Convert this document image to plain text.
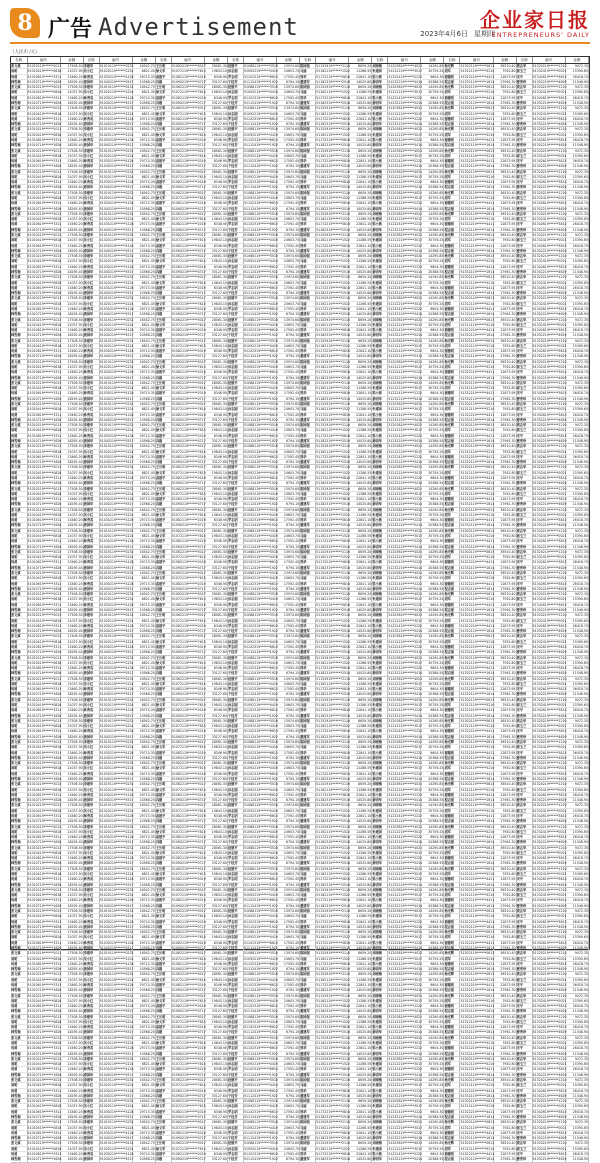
8 广告 Advertisement	企业家日报
ENTREPRENEURS' DAILY
2023年4月6日 星期四
（人民币 /元）
名称	编号	金额	名称	编号	金额	名称	编号	金额	名称	编号	金额	名称	编号	金额	名称	编号	金额	名称	编号	金额	名称	编号	金额
张文斌	51010219******2013	17508.50	李建华	51019119******0232	16542.75	王长明	51062219******5017	28061.30	赵德平	51088119******3516	13974.60	陈国强	51152919******2116	8659.20	刘晓梅	51203819******4021	14290.85	杨光辉	51302119******0613	36510.40	黄志华	51320219******1210	9472.35
周明	51010419******0818	21037.90	吴小红	51020119******2224	6821.45	徐文军	51072119******7615	19843.10	孙志刚	51092219******4419	24603.70	马丽	51162119******1522	11286.55	朱建国	51212219******3017	30759.25	胡军	51312119******5210	7952.80	郭玉兰	51332419******0021	15390.65
何勇	51010619******3311	13460.20	林秀英	51030219******4128	29715.35	高建平	51082119******2019	8346.90	罗志明	51102319******6613	17592.45	郑华	51172219******0816	22841.10	梁小燕	51222419******2222	9604.30	谢德明	51322219******4411	12873.95	宋平	51342619******3813	26418.70
韩雪梅	51010719******1626	18295.40	唐国华	51040219******5517	10568.25	冯刚	51090219******0717	33127.60	于桂芳	51112419******1922	6794.15	董建军	51182319******2518	14025.80	萧明华	51232219******5414	20388.55	程志强	51332119******1614	27961.30	曹秀珍	51352219******4629	11548.90
张文斌	51010219******2013	17508.50	李建华	51019119******0232	16542.75	王长明	51062219******5017	28061.30	赵德平	51088119******3516	13974.60	陈国强	51152919******2116	8659.20	刘晓梅	51203819******4021	14290.85	杨光辉	51302119******0613	36510.40	黄志华	51320219******1210	9472.35
周明	51010419******0818	21037.90	吴小红	51020119******2224	6821.45	徐文军	51072119******7615	19843.10	孙志刚	51092219******4419	24603.70	马丽	51162119******1522	11286.55	朱建国	51212219******3017	30759.25	胡军	51312119******5210	7952.80	郭玉兰	51332419******0021	15390.65
何勇	51010619******3311	13460.20	林秀英	51030219******4128	29715.35	高建平	51082119******2019	8346.90	罗志明	51102319******6613	17592.45	郑华	51172219******0816	22841.10	梁小燕	51222419******2222	9604.30	谢德明	51322219******4411	12873.95	宋平	51342619******3813	26418.70
韩雪梅	51010719******1626	18295.40	唐国华	51040219******5517	10568.25	冯刚	51090219******0717	33127.60	于桂芳	51112419******1922	6794.15	董建军	51182319******2518	14025.80	萧明华	51232219******5414	20388.55	程志强	51332119******1614	27961.30	曹秀珍	51352219******4629	11548.90
张文斌	51010219******2013	17508.50	李建华	51019119******0232	16542.75	王长明	51062219******5017	28061.30	赵德平	51088119******3516	13974.60	陈国强	51152919******2116	8659.20	刘晓梅	51203819******4021	14290.85	杨光辉	51302119******0613	36510.40	黄志华	51320219******1210	9472.35
周明	51010419******0818	21037.90	吴小红	51020119******2224	6821.45	徐文军	51072119******7615	19843.10	孙志刚	51092219******4419	24603.70	马丽	51162119******1522	11286.55	朱建国	51212219******3017	30759.25	胡军	51312119******5210	7952.80	郭玉兰	51332419******0021	15390.65
何勇	51010619******3311	13460.20	林秀英	51030219******4128	29715.35	高建平	51082119******2019	8346.90	罗志明	51102319******6613	17592.45	郑华	51172219******0816	22841.10	梁小燕	51222419******2222	9604.30	谢德明	51322219******4411	12873.95	宋平	51342619******3813	26418.70
韩雪梅	51010719******1626	18295.40	唐国华	51040219******5517	10568.25	冯刚	51090219******0717	33127.60	于桂芳	51112419******1922	6794.15	董建军	51182319******2518	14025.80	萧明华	51232219******5414	20388.55	程志强	51332119******1614	27961.30	曹秀珍	51352219******4629	11548.90
张文斌	51010219******2013	17508.50	李建华	51019119******0232	16542.75	王长明	51062219******5017	28061.30	赵德平	51088119******3516	13974.60	陈国强	51152919******2116	8659.20	刘晓梅	51203819******4021	14290.85	杨光辉	51302119******0613	36510.40	黄志华	51320219******1210	9472.35
周明	51010419******0818	21037.90	吴小红	51020119******2224	6821.45	徐文军	51072119******7615	19843.10	孙志刚	51092219******4419	24603.70	马丽	51162119******1522	11286.55	朱建国	51212219******3017	30759.25	胡军	51312119******5210	7952.80	郭玉兰	51332419******0021	15390.65
何勇	51010619******3311	13460.20	林秀英	51030219******4128	29715.35	高建平	51082119******2019	8346.90	罗志明	51102319******6613	17592.45	郑华	51172219******0816	22841.10	梁小燕	51222419******2222	9604.30	谢德明	51322219******4411	12873.95	宋平	51342619******3813	26418.70
韩雪梅	51010719******1626	18295.40	唐国华	51040219******5517	10568.25	冯刚	51090219******0717	33127.60	于桂芳	51112419******1922	6794.15	董建军	51182319******2518	14025.80	萧明华	51232219******5414	20388.55	程志强	51332119******1614	27961.30	曹秀珍	51352219******4629	11548.90
张文斌	51010219******2013	17508.50	李建华	51019119******0232	16542.75	王长明	51062219******5017	28061.30	赵德平	51088119******3516	13974.60	陈国强	51152919******2116	8659.20	刘晓梅	51203819******4021	14290.85	杨光辉	51302119******0613	36510.40	黄志华	51320219******1210	9472.35
周明	51010419******0818	21037.90	吴小红	51020119******2224	6821.45	徐文军	51072119******7615	19843.10	孙志刚	51092219******4419	24603.70	马丽	51162119******1522	11286.55	朱建国	51212219******3017	30759.25	胡军	51312119******5210	7952.80	郭玉兰	51332419******0021	15390.65
何勇	51010619******3311	13460.20	林秀英	51030219******4128	29715.35	高建平	51082119******2019	8346.90	罗志明	51102319******6613	17592.45	郑华	51172219******0816	22841.10	梁小燕	51222419******2222	9604.30	谢德明	51322219******4411	12873.95	宋平	51342619******3813	26418.70
韩雪梅	51010719******1626	18295.40	唐国华	51040219******5517	10568.25	冯刚	51090219******0717	33127.60	于桂芳	51112419******1922	6794.15	董建军	51182319******2518	14025.80	萧明华	51232219******5414	20388.55	程志强	51332119******1614	27961.30	曹秀珍	51352219******4629	11548.90
张文斌	51010219******2013	17508.50	李建华	51019119******0232	16542.75	王长明	51062219******5017	28061.30	赵德平	51088119******3516	13974.60	陈国强	51152919******2116	8659.20	刘晓梅	51203819******4021	14290.85	杨光辉	51302119******0613	36510.40	黄志华	51320219******1210	9472.35
周明	51010419******0818	21037.90	吴小红	51020119******2224	6821.45	徐文军	51072119******7615	19843.10	孙志刚	51092219******4419	24603.70	马丽	51162119******1522	11286.55	朱建国	51212219******3017	30759.25	胡军	51312119******5210	7952.80	郭玉兰	51332419******0021	15390.65
何勇	51010619******3311	13460.20	林秀英	51030219******4128	29715.35	高建平	51082119******2019	8346.90	罗志明	51102319******6613	17592.45	郑华	51172219******0816	22841.10	梁小燕	51222419******2222	9604.30	谢德明	51322219******4411	12873.95	宋平	51342619******3813	26418.70
韩雪梅	51010719******1626	18295.40	唐国华	51040219******5517	10568.25	冯刚	51090219******0717	33127.60	于桂芳	51112419******1922	6794.15	董建军	51182319******2518	14025.80	萧明华	51232219******5414	20388.55	程志强	51332119******1614	27961.30	曹秀珍	51352219******4629	11548.90
张文斌	51010219******2013	17508.50	李建华	51019119******0232	16542.75	王长明	51062219******5017	28061.30	赵德平	51088119******3516	13974.60	陈国强	51152919******2116	8659.20	刘晓梅	51203819******4021	14290.85	杨光辉	51302119******0613	36510.40	黄志华	51320219******1210	9472.35
周明	51010419******0818	21037.90	吴小红	51020119******2224	6821.45	徐文军	51072119******7615	19843.10	孙志刚	51092219******4419	24603.70	马丽	51162119******1522	11286.55	朱建国	51212219******3017	30759.25	胡军	51312119******5210	7952.80	郭玉兰	51332419******0021	15390.65
何勇	51010619******3311	13460.20	林秀英	51030219******4128	29715.35	高建平	51082119******2019	8346.90	罗志明	51102319******6613	17592.45	郑华	51172219******0816	22841.10	梁小燕	51222419******2222	9604.30	谢德明	51322219******4411	12873.95	宋平	51342619******3813	26418.70
韩雪梅	51010719******1626	18295.40	唐国华	51040219******5517	10568.25	冯刚	51090219******0717	33127.60	于桂芳	51112419******1922	6794.15	董建军	51182319******2518	14025.80	萧明华	51232219******5414	20388.55	程志强	51332119******1614	27961.30	曹秀珍	51352219******4629	11548.90
张文斌	51010219******2013	17508.50	李建华	51019119******0232	16542.75	王长明	51062219******5017	28061.30	赵德平	51088119******3516	13974.60	陈国强	51152919******2116	8659.20	刘晓梅	51203819******4021	14290.85	杨光辉	51302119******0613	36510.40	黄志华	51320219******1210	9472.35
周明	51010419******0818	21037.90	吴小红	51020119******2224	6821.45	徐文军	51072119******7615	19843.10	孙志刚	51092219******4419	24603.70	马丽	51162119******1522	11286.55	朱建国	51212219******3017	30759.25	胡军	51312119******5210	7952.80	郭玉兰	51332419******0021	15390.65
何勇	51010619******3311	13460.20	林秀英	51030219******4128	29715.35	高建平	51082119******2019	8346.90	罗志明	51102319******6613	17592.45	郑华	51172219******0816	22841.10	梁小燕	51222419******2222	9604.30	谢德明	51322219******4411	12873.95	宋平	51342619******3813	26418.70
韩雪梅	51010719******1626	18295.40	唐国华	51040219******5517	10568.25	冯刚	51090219******0717	33127.60	于桂芳	51112419******1922	6794.15	董建军	51182319******2518	14025.80	萧明华	51232219******5414	20388.55	程志强	51332119******1614	27961.30	曹秀珍	51352219******4629	11548.90
张文斌	51010219******2013	17508.50	李建华	51019119******0232	16542.75	王长明	51062219******5017	28061.30	赵德平	51088119******3516	13974.60	陈国强	51152919******2116	8659.20	刘晓梅	51203819******4021	14290.85	杨光辉	51302119******0613	36510.40	黄志华	51320219******1210	9472.35
周明	51010419******0818	21037.90	吴小红	51020119******2224	6821.45	徐文军	51072119******7615	19843.10	孙志刚	51092219******4419	24603.70	马丽	51162119******1522	11286.55	朱建国	51212219******3017	30759.25	胡军	51312119******5210	7952.80	郭玉兰	51332419******0021	15390.65
何勇	51010619******3311	13460.20	林秀英	51030219******4128	29715.35	高建平	51082119******2019	8346.90	罗志明	51102319******6613	17592.45	郑华	51172219******0816	22841.10	梁小燕	51222419******2222	9604.30	谢德明	51322219******4411	12873.95	宋平	51342619******3813	26418.70
韩雪梅	51010719******1626	18295.40	唐国华	51040219******5517	10568.25	冯刚	51090219******0717	33127.60	于桂芳	51112419******1922	6794.15	董建军	51182319******2518	14025.80	萧明华	51232219******5414	20388.55	程志强	51332119******1614	27961.30	曹秀珍	51352219******4629	11548.90
张文斌	51010219******2013	17508.50	李建华	51019119******0232	16542.75	王长明	51062219******5017	28061.30	赵德平	51088119******3516	13974.60	陈国强	51152919******2116	8659.20	刘晓梅	51203819******4021	14290.85	杨光辉	51302119******0613	36510.40	黄志华	51320219******1210	9472.35
周明	51010419******0818	21037.90	吴小红	51020119******2224	6821.45	徐文军	51072119******7615	19843.10	孙志刚	51092219******4419	24603.70	马丽	51162119******1522	11286.55	朱建国	51212219******3017	30759.25	胡军	51312119******5210	7952.80	郭玉兰	51332419******0021	15390.65
何勇	51010619******3311	13460.20	林秀英	51030219******4128	29715.35	高建平	51082119******2019	8346.90	罗志明	51102319******6613	17592.45	郑华	51172219******0816	22841.10	梁小燕	51222419******2222	9604.30	谢德明	51322219******4411	12873.95	宋平	51342619******3813	26418.70
韩雪梅	51010719******1626	18295.40	唐国华	51040219******5517	10568.25	冯刚	51090219******0717	33127.60	于桂芳	51112419******1922	6794.15	董建军	51182319******2518	14025.80	萧明华	51232219******5414	20388.55	程志强	51332119******1614	27961.30	曹秀珍	51352219******4629	11548.90
张文斌	51010219******2013	17508.50	李建华	51019119******0232	16542.75	王长明	51062219******5017	28061.30	赵德平	51088119******3516	13974.60	陈国强	51152919******2116	8659.20	刘晓梅	51203819******4021	14290.85	杨光辉	51302119******0613	36510.40	黄志华	51320219******1210	9472.35
周明	51010419******0818	21037.90	吴小红	51020119******2224	6821.45	徐文军	51072119******7615	19843.10	孙志刚	51092219******4419	24603.70	马丽	51162119******1522	11286.55	朱建国	51212219******3017	30759.25	胡军	51312119******5210	7952.80	郭玉兰	51332419******0021	15390.65
何勇	51010619******3311	13460.20	林秀英	51030219******4128	29715.35	高建平	51082119******2019	8346.90	罗志明	51102319******6613	17592.45	郑华	51172219******0816	22841.10	梁小燕	51222419******2222	9604.30	谢德明	51322219******4411	12873.95	宋平	51342619******3813	26418.70
韩雪梅	51010719******1626	18295.40	唐国华	51040219******5517	10568.25	冯刚	51090219******0717	33127.60	于桂芳	51112419******1922	6794.15	董建军	51182319******2518	14025.80	萧明华	51232219******5414	20388.55	程志强	51332119******1614	27961.30	曹秀珍	51352219******4629	11548.90
张文斌	51010219******2013	17508.50	李建华	51019119******0232	16542.75	王长明	51062219******5017	28061.30	赵德平	51088119******3516	13974.60	陈国强	51152919******2116	8659.20	刘晓梅	51203819******4021	14290.85	杨光辉	51302119******0613	36510.40	黄志华	51320219******1210	9472.35
周明	51010419******0818	21037.90	吴小红	51020119******2224	6821.45	徐文军	51072119******7615	19843.10	孙志刚	51092219******4419	24603.70	马丽	51162119******1522	11286.55	朱建国	51212219******3017	30759.25	胡军	51312119******5210	7952.80	郭玉兰	51332419******0021	15390.65
何勇	51010619******3311	13460.20	林秀英	51030219******4128	29715.35	高建平	51082119******2019	8346.90	罗志明	51102319******6613	17592.45	郑华	51172219******0816	22841.10	梁小燕	51222419******2222	9604.30	谢德明	51322219******4411	12873.95	宋平	51342619******3813	26418.70
韩雪梅	51010719******1626	18295.40	唐国华	51040219******5517	10568.25	冯刚	51090219******0717	33127.60	于桂芳	51112419******1922	6794.15	董建军	51182319******2518	14025.80	萧明华	51232219******5414	20388.55	程志强	51332119******1614	27961.30	曹秀珍	51352219******4629	11548.90
张文斌	51010219******2013	17508.50	李建华	51019119******0232	16542.75	王长明	51062219******5017	28061.30	赵德平	51088119******3516	13974.60	陈国强	51152919******2116	8659.20	刘晓梅	51203819******4021	14290.85	杨光辉	51302119******0613	36510.40	黄志华	51320219******1210	9472.35
周明	51010419******0818	21037.90	吴小红	51020119******2224	6821.45	徐文军	51072119******7615	19843.10	孙志刚	51092219******4419	24603.70	马丽	51162119******1522	11286.55	朱建国	51212219******3017	30759.25	胡军	51312119******5210	7952.80	郭玉兰	51332419******0021	15390.65
何勇	51010619******3311	13460.20	林秀英	51030219******4128	29715.35	高建平	51082119******2019	8346.90	罗志明	51102319******6613	17592.45	郑华	51172219******0816	22841.10	梁小燕	51222419******2222	9604.30	谢德明	51322219******4411	12873.95	宋平	51342619******3813	26418.70
韩雪梅	51010719******1626	18295.40	唐国华	51040219******5517	10568.25	冯刚	51090219******0717	33127.60	于桂芳	51112419******1922	6794.15	董建军	51182319******2518	14025.80	萧明华	51232219******5414	20388.55	程志强	51332119******1614	27961.30	曹秀珍	51352219******4629	11548.90
张文斌	51010219******2013	17508.50	李建华	51019119******0232	16542.75	王长明	51062219******5017	28061.30	赵德平	51088119******3516	13974.60	陈国强	51152919******2116	8659.20	刘晓梅	51203819******4021	14290.85	杨光辉	51302119******0613	36510.40	黄志华	51320219******1210	9472.35
周明	51010419******0818	21037.90	吴小红	51020119******2224	6821.45	徐文军	51072119******7615	19843.10	孙志刚	51092219******4419	24603.70	马丽	51162119******1522	11286.55	朱建国	51212219******3017	30759.25	胡军	51312119******5210	7952.80	郭玉兰	51332419******0021	15390.65
何勇	51010619******3311	13460.20	林秀英	51030219******4128	29715.35	高建平	51082119******2019	8346.90	罗志明	51102319******6613	17592.45	郑华	51172219******0816	22841.10	梁小燕	51222419******2222	9604.30	谢德明	51322219******4411	12873.95	宋平	51342619******3813	26418.70
韩雪梅	51010719******1626	18295.40	唐国华	51040219******5517	10568.25	冯刚	51090219******0717	33127.60	于桂芳	51112419******1922	6794.15	董建军	51182319******2518	14025.80	萧明华	51232219******5414	20388.55	程志强	51332119******1614	27961.30	曹秀珍	51352219******4629	11548.90
张文斌	51010219******2013	17508.50	李建华	51019119******0232	16542.75	王长明	51062219******5017	28061.30	赵德平	51088119******3516	13974.60	陈国强	51152919******2116	8659.20	刘晓梅	51203819******4021	14290.85	杨光辉	51302119******0613	36510.40	黄志华	51320219******1210	9472.35
周明	51010419******0818	21037.90	吴小红	51020119******2224	6821.45	徐文军	51072119******7615	19843.10	孙志刚	51092219******4419	24603.70	马丽	51162119******1522	11286.55	朱建国	51212219******3017	30759.25	胡军	51312119******5210	7952.80	郭玉兰	51332419******0021	15390.65
何勇	51010619******3311	13460.20	林秀英	51030219******4128	29715.35	高建平	51082119******2019	8346.90	罗志明	51102319******6613	17592.45	郑华	51172219******0816	22841.10	梁小燕	51222419******2222	9604.30	谢德明	51322219******4411	12873.95	宋平	51342619******3813	26418.70
韩雪梅	51010719******1626	18295.40	唐国华	51040219******5517	10568.25	冯刚	51090219******0717	33127.60	于桂芳	51112419******1922	6794.15	董建军	51182319******2518	14025.80	萧明华	51232219******5414	20388.55	程志强	51332119******1614	27961.30	曹秀珍	51352219******4629	11548.90
张文斌	51010219******2013	17508.50	李建华	51019119******0232	16542.75	王长明	51062219******5017	28061.30	赵德平	51088119******3516	13974.60	陈国强	51152919******2116	8659.20	刘晓梅	51203819******4021	14290.85	杨光辉	51302119******0613	36510.40	黄志华	51320219******1210	9472.35
周明	51010419******0818	21037.90	吴小红	51020119******2224	6821.45	徐文军	51072119******7615	19843.10	孙志刚	51092219******4419	24603.70	马丽	51162119******1522	11286.55	朱建国	51212219******3017	30759.25	胡军	51312119******5210	7952.80	郭玉兰	51332419******0021	15390.65
何勇	51010619******3311	13460.20	林秀英	51030219******4128	29715.35	高建平	51082119******2019	8346.90	罗志明	51102319******6613	17592.45	郑华	51172219******0816	22841.10	梁小燕	51222419******2222	9604.30	谢德明	51322219******4411	12873.95	宋平	51342619******3813	26418.70
韩雪梅	51010719******1626	18295.40	唐国华	51040219******5517	10568.25	冯刚	51090219******0717	33127.60	于桂芳	51112419******1922	6794.15	董建军	51182319******2518	14025.80	萧明华	51232219******5414	20388.55	程志强	51332119******1614	27961.30	曹秀珍	51352219******4629	11548.90
张文斌	51010219******2013	17508.50	李建华	51019119******0232	16542.75	王长明	51062219******5017	28061.30	赵德平	51088119******3516	13974.60	陈国强	51152919******2116	8659.20	刘晓梅	51203819******4021	14290.85	杨光辉	51302119******0613	36510.40	黄志华	51320219******1210	9472.35
周明	51010419******0818	21037.90	吴小红	51020119******2224	6821.45	徐文军	51072119******7615	19843.10	孙志刚	51092219******4419	24603.70	马丽	51162119******1522	11286.55	朱建国	51212219******3017	30759.25	胡军	51312119******5210	7952.80	郭玉兰	51332419******0021	15390.65
何勇	51010619******3311	13460.20	林秀英	51030219******4128	29715.35	高建平	51082119******2019	8346.90	罗志明	51102319******6613	17592.45	郑华	51172219******0816	22841.10	梁小燕	51222419******2222	9604.30	谢德明	51322219******4411	12873.95	宋平	51342619******3813	26418.70
韩雪梅	51010719******1626	18295.40	唐国华	51040219******5517	10568.25	冯刚	51090219******0717	33127.60	于桂芳	51112419******1922	6794.15	董建军	51182319******2518	14025.80	萧明华	51232219******5414	20388.55	程志强	51332119******1614	27961.30	曹秀珍	51352219******4629	11548.90
张文斌	51010219******2013	17508.50	李建华	51019119******0232	16542.75	王长明	51062219******5017	28061.30	赵德平	51088119******3516	13974.60	陈国强	51152919******2116	8659.20	刘晓梅	51203819******4021	14290.85	杨光辉	51302119******0613	36510.40	黄志华	51320219******1210	9472.35
周明	51010419******0818	21037.90	吴小红	51020119******2224	6821.45	徐文军	51072119******7615	19843.10	孙志刚	51092219******4419	24603.70	马丽	51162119******1522	11286.55	朱建国	51212219******3017	30759.25	胡军	51312119******5210	7952.80	郭玉兰	51332419******0021	15390.65
何勇	51010619******3311	13460.20	林秀英	51030219******4128	29715.35	高建平	51082119******2019	8346.90	罗志明	51102319******6613	17592.45	郑华	51172219******0816	22841.10	梁小燕	51222419******2222	9604.30	谢德明	51322219******4411	12873.95	宋平	51342619******3813	26418.70
韩雪梅	51010719******1626	18295.40	唐国华	51040219******5517	10568.25	冯刚	51090219******0717	33127.60	于桂芳	51112419******1922	6794.15	董建军	51182319******2518	14025.80	萧明华	51232219******5414	20388.55	程志强	51332119******1614	27961.30	曹秀珍	51352219******4629	11548.90
张文斌	51010219******2013	17508.50	李建华	51019119******0232	16542.75	王长明	51062219******5017	28061.30	赵德平	51088119******3516	13974.60	陈国强	51152919******2116	8659.20	刘晓梅	51203819******4021	14290.85	杨光辉	51302119******0613	36510.40	黄志华	51320219******1210	9472.35
周明	51010419******0818	21037.90	吴小红	51020119******2224	6821.45	徐文军	51072119******7615	19843.10	孙志刚	51092219******4419	24603.70	马丽	51162119******1522	11286.55	朱建国	51212219******3017	30759.25	胡军	51312119******5210	7952.80	郭玉兰	51332419******0021	15390.65
何勇	51010619******3311	13460.20	林秀英	51030219******4128	29715.35	高建平	51082119******2019	8346.90	罗志明	51102319******6613	17592.45	郑华	51172219******0816	22841.10	梁小燕	51222419******2222	9604.30	谢德明	51322219******4411	12873.95	宋平	51342619******3813	26418.70
韩雪梅	51010719******1626	18295.40	唐国华	51040219******5517	10568.25	冯刚	51090219******0717	33127.60	于桂芳	51112419******1922	6794.15	董建军	51182319******2518	14025.80	萧明华	51232219******5414	20388.55	程志强	51332119******1614	27961.30	曹秀珍	51352219******4629	11548.90
张文斌	51010219******2013	17508.50	李建华	51019119******0232	16542.75	王长明	51062219******5017	28061.30	赵德平	51088119******3516	13974.60	陈国强	51152919******2116	8659.20	刘晓梅	51203819******4021	14290.85	杨光辉	51302119******0613	36510.40	黄志华	51320219******1210	9472.35
周明	51010419******0818	21037.90	吴小红	51020119******2224	6821.45	徐文军	51072119******7615	19843.10	孙志刚	51092219******4419	24603.70	马丽	51162119******1522	11286.55	朱建国	51212219******3017	30759.25	胡军	51312119******5210	7952.80	郭玉兰	51332419******0021	15390.65
何勇	51010619******3311	13460.20	林秀英	51030219******4128	29715.35	高建平	51082119******2019	8346.90	罗志明	51102319******6613	17592.45	郑华	51172219******0816	22841.10	梁小燕	51222419******2222	9604.30	谢德明	51322219******4411	12873.95	宋平	51342619******3813	26418.70
韩雪梅	51010719******1626	18295.40	唐国华	51040219******5517	10568.25	冯刚	51090219******0717	33127.60	于桂芳	51112419******1922	6794.15	董建军	51182319******2518	14025.80	萧明华	51232219******5414	20388.55	程志强	51332119******1614	27961.30	曹秀珍	51352219******4629	11548.90
张文斌	51010219******2013	17508.50	李建华	51019119******0232	16542.75	王长明	51062219******5017	28061.30	赵德平	51088119******3516	13974.60	陈国强	51152919******2116	8659.20	刘晓梅	51203819******4021	14290.85	杨光辉	51302119******0613	36510.40	黄志华	51320219******1210	9472.35
周明	51010419******0818	21037.90	吴小红	51020119******2224	6821.45	徐文军	51072119******7615	19843.10	孙志刚	51092219******4419	24603.70	马丽	51162119******1522	11286.55	朱建国	51212219******3017	30759.25	胡军	51312119******5210	7952.80	郭玉兰	51332419******0021	15390.65
何勇	51010619******3311	13460.20	林秀英	51030219******4128	29715.35	高建平	51082119******2019	8346.90	罗志明	51102319******6613	17592.45	郑华	51172219******0816	22841.10	梁小燕	51222419******2222	9604.30	谢德明	51322219******4411	12873.95	宋平	51342619******3813	26418.70
韩雪梅	51010719******1626	18295.40	唐国华	51040219******5517	10568.25	冯刚	51090219******0717	33127.60	于桂芳	51112419******1922	6794.15	董建军	51182319******2518	14025.80	萧明华	51232219******5414	20388.55	程志强	51332119******1614	27961.30	曹秀珍	51352219******4629	11548.90
张文斌	51010219******2013	17508.50	李建华	51019119******0232	16542.75	王长明	51062219******5017	28061.30	赵德平	51088119******3516	13974.60	陈国强	51152919******2116	8659.20	刘晓梅	51203819******4021	14290.85	杨光辉	51302119******0613	36510.40	黄志华	51320219******1210	9472.35
周明	51010419******0818	21037.90	吴小红	51020119******2224	6821.45	徐文军	51072119******7615	19843.10	孙志刚	51092219******4419	24603.70	马丽	51162119******1522	11286.55	朱建国	51212219******3017	30759.25	胡军	51312119******5210	7952.80	郭玉兰	51332419******0021	15390.65
何勇	51010619******3311	13460.20	林秀英	51030219******4128	29715.35	高建平	51082119******2019	8346.90	罗志明	51102319******6613	17592.45	郑华	51172219******0816	22841.10	梁小燕	51222419******2222	9604.30	谢德明	51322219******4411	12873.95	宋平	51342619******3813	26418.70
韩雪梅	51010719******1626	18295.40	唐国华	51040219******5517	10568.25	冯刚	51090219******0717	33127.60	于桂芳	51112419******1922	6794.15	董建军	51182319******2518	14025.80	萧明华	51232219******5414	20388.55	程志强	51332119******1614	27961.30	曹秀珍	51352219******4629	11548.90
张文斌	51010219******2013	17508.50	李建华	51019119******0232	16542.75	王长明	51062219******5017	28061.30	赵德平	51088119******3516	13974.60	陈国强	51152919******2116	8659.20	刘晓梅	51203819******4021	14290.85	杨光辉	51302119******0613	36510.40	黄志华	51320219******1210	9472.35
周明	51010419******0818	21037.90	吴小红	51020119******2224	6821.45	徐文军	51072119******7615	19843.10	孙志刚	51092219******4419	24603.70	马丽	51162119******1522	11286.55	朱建国	51212219******3017	30759.25	胡军	51312119******5210	7952.80	郭玉兰	51332419******0021	15390.65
何勇	51010619******3311	13460.20	林秀英	51030219******4128	29715.35	高建平	51082119******2019	8346.90	罗志明	51102319******6613	17592.45	郑华	51172219******0816	22841.10	梁小燕	51222419******2222	9604.30	谢德明	51322219******4411	12873.95	宋平	51342619******3813	26418.70
韩雪梅	51010719******1626	18295.40	唐国华	51040219******5517	10568.25	冯刚	51090219******0717	33127.60	于桂芳	51112419******1922	6794.15	董建军	51182319******2518	14025.80	萧明华	51232219******5414	20388.55	程志强	51332119******1614	27961.30	曹秀珍	51352219******4629	11548.90
张文斌	51010219******2013	17508.50	李建华	51019119******0232	16542.75	王长明	51062219******5017	28061.30	赵德平	51088119******3516	13974.60	陈国强	51152919******2116	8659.20	刘晓梅	51203819******4021	14290.85	杨光辉	51302119******0613	36510.40	黄志华	51320219******1210	9472.35
周明	51010419******0818	21037.90	吴小红	51020119******2224	6821.45	徐文军	51072119******7615	19843.10	孙志刚	51092219******4419	24603.70	马丽	51162119******1522	11286.55	朱建国	51212219******3017	30759.25	胡军	51312119******5210	7952.80	郭玉兰	51332419******0021	15390.65
何勇	51010619******3311	13460.20	林秀英	51030219******4128	29715.35	高建平	51082119******2019	8346.90	罗志明	51102319******6613	17592.45	郑华	51172219******0816	22841.10	梁小燕	51222419******2222	9604.30	谢德明	51322219******4411	12873.95	宋平	51342619******3813	26418.70
韩雪梅	51010719******1626	18295.40	唐国华	51040219******5517	10568.25	冯刚	51090219******0717	33127.60	于桂芳	51112419******1922	6794.15	董建军	51182319******2518	14025.80	萧明华	51232219******5414	20388.55	程志强	51332119******1614	27961.30	曹秀珍	51352219******4629	11548.90
张文斌	51010219******2013	17508.50	李建华	51019119******0232	16542.75	王长明	51062219******5017	28061.30	赵德平	51088119******3516	13974.60	陈国强	51152919******2116	8659.20	刘晓梅	51203819******4021	14290.85	杨光辉	51302119******0613	36510.40	黄志华	51320219******1210	9472.35
周明	51010419******0818	21037.90	吴小红	51020119******2224	6821.45	徐文军	51072119******7615	19843.10	孙志刚	51092219******4419	24603.70	马丽	51162119******1522	11286.55	朱建国	51212219******3017	30759.25	胡军	51312119******5210	7952.80	郭玉兰	51332419******0021	15390.65
何勇	51010619******3311	13460.20	林秀英	51030219******4128	29715.35	高建平	51082119******2019	8346.90	罗志明	51102319******6613	17592.45	郑华	51172219******0816	22841.10	梁小燕	51222419******2222	9604.30	谢德明	51322219******4411	12873.95	宋平	51342619******3813	26418.70
韩雪梅	51010719******1626	18295.40	唐国华	51040219******5517	10568.25	冯刚	51090219******0717	33127.60	于桂芳	51112419******1922	6794.15	董建军	51182319******2518	14025.80	萧明华	51232219******5414	20388.55	程志强	51332119******1614	27961.30	曹秀珍	51352219******4629	11548.90
张文斌	51010219******2013	17508.50	李建华	51019119******0232	16542.75	王长明	51062219******5017	28061.30	赵德平	51088119******3516	13974.60	陈国强	51152919******2116	8659.20	刘晓梅	51203819******4021	14290.85	杨光辉	51302119******0613	36510.40	黄志华	51320219******1210	9472.35
周明	51010419******0818	21037.90	吴小红	51020119******2224	6821.45	徐文军	51072119******7615	19843.10	孙志刚	51092219******4419	24603.70	马丽	51162119******1522	11286.55	朱建国	51212219******3017	30759.25	胡军	51312119******5210	7952.80	郭玉兰	51332419******0021	15390.65
何勇	51010619******3311	13460.20	林秀英	51030219******4128	29715.35	高建平	51082119******2019	8346.90	罗志明	51102319******6613	17592.45	郑华	51172219******0816	22841.10	梁小燕	51222419******2222	9604.30	谢德明	51322219******4411	12873.95	宋平	51342619******3813	26418.70
韩雪梅	51010719******1626	18295.40	唐国华	51040219******5517	10568.25	冯刚	51090219******0717	33127.60	于桂芳	51112419******1922	6794.15	董建军	51182319******2518	14025.80	萧明华	51232219******5414	20388.55	程志强	51332119******1614	27961.30	曹秀珍	51352219******4629	11548.90
张文斌	51010219******2013	17508.50	李建华	51019119******0232	16542.75	王长明	51062219******5017	28061.30	赵德平	51088119******3516	13974.60	陈国强	51152919******2116	8659.20	刘晓梅	51203819******4021	14290.85	杨光辉	51302119******0613	36510.40	黄志华	51320219******1210	9472.35
周明	51010419******0818	21037.90	吴小红	51020119******2224	6821.45	徐文军	51072119******7615	19843.10	孙志刚	51092219******4419	24603.70	马丽	51162119******1522	11286.55	朱建国	51212219******3017	30759.25	胡军	51312119******5210	7952.80	郭玉兰	51332419******0021	15390.65
何勇	51010619******3311	13460.20	林秀英	51030219******4128	29715.35	高建平	51082119******2019	8346.90	罗志明	51102319******6613	17592.45	郑华	51172219******0816	22841.10	梁小燕	51222419******2222	9604.30	谢德明	51322219******4411	12873.95	宋平	51342619******3813	26418.70
韩雪梅	51010719******1626	18295.40	唐国华	51040219******5517	10568.25	冯刚	51090219******0717	33127.60	于桂芳	51112419******1922	6794.15	董建军	51182319******2518	14025.80	萧明华	51232219******5414	20388.55	程志强	51332119******1614	27961.30	曹秀珍	51352219******4629	11548.90
张文斌	51010219******2013	17508.50	李建华	51019119******0232	16542.75	王长明	51062219******5017	28061.30	赵德平	51088119******3516	13974.60	陈国强	51152919******2116	8659.20	刘晓梅	51203819******4021	14290.85	杨光辉	51302119******0613	36510.40	黄志华	51320219******1210	9472.35
周明	51010419******0818	21037.90	吴小红	51020119******2224	6821.45	徐文军	51072119******7615	19843.10	孙志刚	51092219******4419	24603.70	马丽	51162119******1522	11286.55	朱建国	51212219******3017	30759.25	胡军	51312119******5210	7952.80	郭玉兰	51332419******0021	15390.65
何勇	51010619******3311	13460.20	林秀英	51030219******4128	29715.35	高建平	51082119******2019	8346.90	罗志明	51102319******6613	17592.45	郑华	51172219******0816	22841.10	梁小燕	51222419******2222	9604.30	谢德明	51322219******4411	12873.95	宋平	51342619******3813	26418.70
韩雪梅	51010719******1626	18295.40	唐国华	51040219******5517	10568.25	冯刚	51090219******0717	33127.60	于桂芳	51112419******1922	6794.15	董建军	51182319******2518	14025.80	萧明华	51232219******5414	20388.55	程志强	51332119******1614	27961.30	曹秀珍	51352219******4629	11548.90
张文斌	51010219******2013	17508.50	李建华	51019119******0232	16542.75	王长明	51062219******5017	28061.30	赵德平	51088119******3516	13974.60	陈国强	51152919******2116	8659.20	刘晓梅	51203819******4021	14290.85	杨光辉	51302119******0613	36510.40	黄志华	51320219******1210	9472.35
周明	51010419******0818	21037.90	吴小红	51020119******2224	6821.45	徐文军	51072119******7615	19843.10	孙志刚	51092219******4419	24603.70	马丽	51162119******1522	11286.55	朱建国	51212219******3017	30759.25	胡军	51312119******5210	7952.80	郭玉兰	51332419******0021	15390.65
何勇	51010619******3311	13460.20	林秀英	51030219******4128	29715.35	高建平	51082119******2019	8346.90	罗志明	51102319******6613	17592.45	郑华	51172219******0816	22841.10	梁小燕	51222419******2222	9604.30	谢德明	51322219******4411	12873.95	宋平	51342619******3813	26418.70
韩雪梅	51010719******1626	18295.40	唐国华	51040219******5517	10568.25	冯刚	51090219******0717	33127.60	于桂芳	51112419******1922	6794.15	董建军	51182319******2518	14025.80	萧明华	51232219******5414	20388.55	程志强	51332119******1614	27961.30	曹秀珍	51352219******4629	11548.90
张文斌	51010219******2013	17508.50	李建华	51019119******0232	16542.75	王长明	51062219******5017	28061.30	赵德平	51088119******3516	13974.60	陈国强	51152919******2116	8659.20	刘晓梅	51203819******4021	14290.85	杨光辉	51302119******0613	36510.40	黄志华	51320219******1210	9472.35
周明	51010419******0818	21037.90	吴小红	51020119******2224	6821.45	徐文军	51072119******7615	19843.10	孙志刚	51092219******4419	24603.70	马丽	51162119******1522	11286.55	朱建国	51212219******3017	30759.25	胡军	51312119******5210	7952.80	郭玉兰	51332419******0021	15390.65
何勇	51010619******3311	13460.20	林秀英	51030219******4128	29715.35	高建平	51082119******2019	8346.90	罗志明	51102319******6613	17592.45	郑华	51172219******0816	22841.10	梁小燕	51222419******2222	9604.30	谢德明	51322219******4411	12873.95	宋平	51342619******3813	26418.70
韩雪梅	51010719******1626	18295.40	唐国华	51040219******5517	10568.25	冯刚	51090219******0717	33127.60	于桂芳	51112419******1922	6794.15	董建军	51182319******2518	14025.80	萧明华	51232219******5414	20388.55	程志强	51332119******1614	27961.30	曹秀珍	51352219******4629	11548.90
张文斌	51010219******2013	17508.50	李建华	51019119******0232	16542.75	王长明	51062219******5017	28061.30	赵德平	51088119******3516	13974.60	陈国强	51152919******2116	8659.20	刘晓梅	51203819******4021	14290.85	杨光辉	51302119******0613	36510.40	黄志华	51320219******1210	9472.35
周明	51010419******0818	21037.90	吴小红	51020119******2224	6821.45	徐文军	51072119******7615	19843.10	孙志刚	51092219******4419	24603.70	马丽	51162119******1522	11286.55	朱建国	51212219******3017	30759.25	胡军	51312119******5210	7952.80	郭玉兰	51332419******0021	15390.65
何勇	51010619******3311	13460.20	林秀英	51030219******4128	29715.35	高建平	51082119******2019	8346.90	罗志明	51102319******6613	17592.45	郑华	51172219******0816	22841.10	梁小燕	51222419******2222	9604.30	谢德明	51322219******4411	12873.95	宋平	51342619******3813	26418.70
韩雪梅	51010719******1626	18295.40	唐国华	51040219******5517	10568.25	冯刚	51090219******0717	33127.60	于桂芳	51112419******1922	6794.15	董建军	51182319******2518	14025.80	萧明华	51232219******5414	20388.55	程志强	51332119******1614	27961.30	曹秀珍	51352219******4629	11548.90
张文斌	51010219******2013	17508.50	李建华	51019119******0232	16542.75	王长明	51062219******5017	28061.30	赵德平	51088119******3516	13974.60	陈国强	51152919******2116	8659.20	刘晓梅	51203819******4021	14290.85	杨光辉	51302119******0613	36510.40	黄志华	51320219******1210	9472.35
周明	51010419******0818	21037.90	吴小红	51020119******2224	6821.45	徐文军	51072119******7615	19843.10	孙志刚	51092219******4419	24603.70	马丽	51162119******1522	11286.55	朱建国	51212219******3017	30759.25	胡军	51312119******5210	7952.80	郭玉兰	51332419******0021	15390.65
何勇	51010619******3311	13460.20	林秀英	51030219******4128	29715.35	高建平	51082119******2019	8346.90	罗志明	51102319******6613	17592.45	郑华	51172219******0816	22841.10	梁小燕	51222419******2222	9604.30	谢德明	51322219******4411	12873.95	宋平	51342619******3813	26418.70
韩雪梅	51010719******1626	18295.40	唐国华	51040219******5517	10568.25	冯刚	51090219******0717	33127.60	于桂芳	51112419******1922	6794.15	董建军	51182319******2518	14025.80	萧明华	51232219******5414	20388.55	程志强	51332119******1614	27961.30	曹秀珍	51352219******4629	11548.90
张文斌	51010219******2013	17508.50	李建华	51019119******0232	16542.75	王长明	51062219******5017	28061.30	赵德平	51088119******3516	13974.60	陈国强	51152919******2116	8659.20	刘晓梅	51203819******4021	14290.85	杨光辉	51302119******0613	36510.40	黄志华	51320219******1210	9472.35
周明	51010419******0818	21037.90	吴小红	51020119******2224	6821.45	徐文军	51072119******7615	19843.10	孙志刚	51092219******4419	24603.70	马丽	51162119******1522	11286.55	朱建国	51212219******3017	30759.25	胡军	51312119******5210	7952.80	郭玉兰	51332419******0021	15390.65
何勇	51010619******3311	13460.20	林秀英	51030219******4128	29715.35	高建平	51082119******2019	8346.90	罗志明	51102319******6613	17592.45	郑华	51172219******0816	22841.10	梁小燕	51222419******2222	9604.30	谢德明	51322219******4411	12873.95	宋平	51342619******3813	26418.70
韩雪梅	51010719******1626	18295.40	唐国华	51040219******5517	10568.25	冯刚	51090219******0717	33127.60	于桂芳	51112419******1922	6794.15	董建军	51182319******2518	14025.80	萧明华	51232219******5414	20388.55	程志强	51332119******1614	27961.30	曹秀珍	51352219******4629	11548.90
张文斌	51010219******2013	17508.50	李建华	51019119******0232	16542.75	王长明	51062219******5017	28061.30	赵德平	51088119******3516	13974.60	陈国强	51152919******2116	8659.20	刘晓梅	51203819******4021	14290.85	杨光辉	51302119******0613	36510.40	黄志华	51320219******1210	9472.35
周明	51010419******0818	21037.90	吴小红	51020119******2224	6821.45	徐文军	51072119******7615	19843.10	孙志刚	51092219******4419	24603.70	马丽	51162119******1522	11286.55	朱建国	51212219******3017	30759.25	胡军	51312119******5210	7952.80	郭玉兰	51332419******0021	15390.65
何勇	51010619******3311	13460.20	林秀英	51030219******4128	29715.35	高建平	51082119******2019	8346.90	罗志明	51102319******6613	17592.45	郑华	51172219******0816	22841.10	梁小燕	51222419******2222	9604.30	谢德明	51322219******4411	12873.95	宋平	51342619******3813	26418.70
韩雪梅	51010719******1626	18295.40	唐国华	51040219******5517	10568.25	冯刚	51090219******0717	33127.60	于桂芳	51112419******1922	6794.15	董建军	51182319******2518	14025.80	萧明华	51232219******5414	20388.55	程志强	51332119******1614	27961.30	曹秀珍	51352219******4629	11548.90
张文斌	51010219******2013	17508.50	李建华	51019119******0232	16542.75	王长明	51062219******5017	28061.30	赵德平	51088119******3516	13974.60	陈国强	51152919******2116	8659.20	刘晓梅	51203819******4021	14290.85	杨光辉	51302119******0613	36510.40	黄志华	51320219******1210	9472.35
周明	51010419******0818	21037.90	吴小红	51020119******2224	6821.45	徐文军	51072119******7615	19843.10	孙志刚	51092219******4419	24603.70	马丽	51162119******1522	11286.55	朱建国	51212219******3017	30759.25	胡军	51312119******5210	7952.80	郭玉兰	51332419******0021	15390.65
何勇	51010619******3311	13460.20	林秀英	51030219******4128	29715.35	高建平	51082119******2019	8346.90	罗志明	51102319******6613	17592.45	郑华	51172219******0816	22841.10	梁小燕	51222419******2222	9604.30	谢德明	51322219******4411	12873.95	宋平	51342619******3813	26418.70
韩雪梅	51010719******1626	18295.40	唐国华	51040219******5517	10568.25	冯刚	51090219******0717	33127.60	于桂芳	51112419******1922	6794.15	董建军	51182319******2518	14025.80	萧明华	51232219******5414	20388.55	程志强	51332119******1614	27961.30	曹秀珍	51352219******4629	11548.90
张文斌	51010219******2013	17508.50	李建华	51019119******0232	16542.75	王长明	51062219******5017	28061.30	赵德平	51088119******3516	13974.60	陈国强	51152919******2116	8659.20	刘晓梅	51203819******4021	14290.85	杨光辉	51302119******0613	36510.40	黄志华	51320219******1210	9472.35
周明	51010419******0818	21037.90	吴小红	51020119******2224	6821.45	徐文军	51072119******7615	19843.10	孙志刚	51092219******4419	24603.70	马丽	51162119******1522	11286.55	朱建国	51212219******3017	30759.25	胡军	51312119******5210	7952.80	郭玉兰	51332419******0021	15390.65
何勇	51010619******3311	13460.20	林秀英	51030219******4128	29715.35	高建平	51082119******2019	8346.90	罗志明	51102319******6613	17592.45	郑华	51172219******0816	22841.10	梁小燕	51222419******2222	9604.30	谢德明	51322219******4411	12873.95	宋平	51342619******3813	26418.70
韩雪梅	51010719******1626	18295.40	唐国华	51040219******5517	10568.25	冯刚	51090219******0717	33127.60	于桂芳	51112419******1922	6794.15	董建军	51182319******2518	14025.80	萧明华	51232219******5414	20388.55	程志强	51332119******1614	27961.30	曹秀珍	51352219******4629	11548.90
张文斌	51010219******2013	17508.50	李建华	51019119******0232	16542.75	王长明	51062219******5017	28061.30	赵德平	51088119******3516	13974.60	陈国强	51152919******2116	8659.20	刘晓梅	51203819******4021	14290.85	杨光辉	51302119******0613	36510.40	黄志华	51320219******1210	9472.35
周明	51010419******0818	21037.90	吴小红	51020119******2224	6821.45	徐文军	51072119******7615	19843.10	孙志刚	51092219******4419	24603.70	马丽	51162119******1522	11286.55	朱建国	51212219******3017	30759.25	胡军	51312119******5210	7952.80	郭玉兰	51332419******0021	15390.65
何勇	51010619******3311	13460.20	林秀英	51030219******4128	29715.35	高建平	51082119******2019	8346.90	罗志明	51102319******6613	17592.45	郑华	51172219******0816	22841.10	梁小燕	51222419******2222	9604.30	谢德明	51322219******4411	12873.95	宋平	51342619******3813	26418.70
韩雪梅	51010719******1626	18295.40	唐国华	51040219******5517	10568.25	冯刚	51090219******0717	33127.60	于桂芳	51112419******1922	6794.15	董建军	51182319******2518	14025.80	萧明华	51232219******5414	20388.55	程志强	51332119******1614	27961.30	曹秀珍	51352219******4629	11548.90
张文斌	51010219******2013	17508.50	李建华	51019119******0232	16542.75	王长明	51062219******5017	28061.30	赵德平	51088119******3516	13974.60	陈国强	51152919******2116	8659.20	刘晓梅	51203819******4021	14290.85	杨光辉	51302119******0613	36510.40	黄志华	51320219******1210	9472.35
周明	51010419******0818	21037.90	吴小红	51020119******2224	6821.45	徐文军	51072119******7615	19843.10	孙志刚	51092219******4419	24603.70	马丽	51162119******1522	11286.55	朱建国	51212219******3017	30759.25	胡军	51312119******5210	7952.80	郭玉兰	51332419******0021	15390.65
何勇	51010619******3311	13460.20	林秀英	51030219******4128	29715.35	高建平	51082119******2019	8346.90	罗志明	51102319******6613	17592.45	郑华	51172219******0816	22841.10	梁小燕	51222419******2222	9604.30	谢德明	51322219******4411	12873.95	宋平	51342619******3813	26418.70
韩雪梅	51010719******1626	18295.40	唐国华	51040219******5517	10568.25	冯刚	51090219******0717	33127.60	于桂芳	51112419******1922	6794.15	董建军	51182319******2518	14025.80	萧明华	51232219******5414	20388.55	程志强	51332119******1614	27961.30	曹秀珍	51352219******4629	11548.90
张文斌	51010219******2013	17508.50	李建华	51019119******0232	16542.75	王长明	51062219******5017	28061.30	赵德平	51088119******3516	13974.60	陈国强	51152919******2116	8659.20	刘晓梅	51203819******4021	14290.85	杨光辉	51302119******0613	36510.40	黄志华	51320219******1210	9472.35
周明	51010419******0818	21037.90	吴小红	51020119******2224	6821.45	徐文军	51072119******7615	19843.10	孙志刚	51092219******4419	24603.70	马丽	51162119******1522	11286.55	朱建国	51212219******3017	30759.25	胡军	51312119******5210	7952.80	郭玉兰	51332419******0021	15390.65
何勇	51010619******3311	13460.20	林秀英	51030219******4128	29715.35	高建平	51082119******2019	8346.90	罗志明	51102319******6613	17592.45	郑华	51172219******0816	22841.10	梁小燕	51222419******2222	9604.30	谢德明	51322219******4411	12873.95	宋平	51342619******3813	26418.70
韩雪梅	51010719******1626	18295.40	唐国华	51040219******5517	10568.25	冯刚	51090219******0717	33127.60	于桂芳	51112419******1922	6794.15	董建军	51182319******2518	14025.80	萧明华	51232219******5414	20388.55	程志强	51332119******1614	27961.30	曹秀珍	51352219******4629	11548.90
张文斌	51010219******2013	17508.50	李建华	51019119******0232	16542.75	王长明	51062219******5017	28061.30	赵德平	51088119******3516	13974.60	陈国强	51152919******2116	8659.20	刘晓梅	51203819******4021	14290.85	杨光辉	51302119******0613	36510.40	黄志华	51320219******1210	9472.35
周明	51010419******0818	21037.90	吴小红	51020119******2224	6821.45	徐文军	51072119******7615	19843.10	孙志刚	51092219******4419	24603.70	马丽	51162119******1522	11286.55	朱建国	51212219******3017	30759.25	胡军	51312119******5210	7952.80	郭玉兰	51332419******0021	15390.65
何勇	51010619******3311	13460.20	林秀英	51030219******4128	29715.35	高建平	51082119******2019	8346.90	罗志明	51102319******6613	17592.45	郑华	51172219******0816	22841.10	梁小燕	51222419******2222	9604.30	谢德明	51322219******4411	12873.95	宋平	51342619******3813	26418.70
韩雪梅	51010719******1626	18295.40	唐国华	51040219******5517	10568.25	冯刚	51090219******0717	33127.60	于桂芳	51112419******1922	6794.15	董建军	51182319******2518	14025.80	萧明华	51232219******5414	20388.55	程志强	51332119******1614	27961.30	曹秀珍	51352219******4629	11548.90
张文斌	51010219******2013	17508.50	李建华	51019119******0232	16542.75	王长明	51062219******5017	28061.30	赵德平	51088119******3516	13974.60	陈国强	51152919******2116	8659.20	刘晓梅	51203819******4021	14290.85	杨光辉	51302119******0613	36510.40	黄志华	51320219******1210	9472.35
周明	51010419******0818	21037.90	吴小红	51020119******2224	6821.45	徐文军	51072119******7615	19843.10	孙志刚	51092219******4419	24603.70	马丽	51162119******1522	11286.55	朱建国	51212219******3017	30759.25	胡军	51312119******5210	7952.80	郭玉兰	51332419******0021	15390.65
何勇	51010619******3311	13460.20	林秀英	51030219******4128	29715.35	高建平	51082119******2019	8346.90	罗志明	51102319******6613	17592.45	郑华	51172219******0816	22841.10	梁小燕	51222419******2222	9604.30	谢德明	51322219******4411	12873.95	宋平	51342619******3813	26418.70
韩雪梅	51010719******1626	18295.40	唐国华	51040219******5517	10568.25	冯刚	51090219******0717	33127.60	于桂芳	51112419******1922	6794.15	董建军	51182319******2518	14025.80	萧明华	51232219******5414	20388.55	程志强	51332119******1614	27961.30	曹秀珍	51352219******4629	11548.90
张文斌	51010219******2013	17508.50	李建华	51019119******0232	16542.75	王长明	51062219******5017	28061.30	赵德平	51088119******3516	13974.60	陈国强	51152919******2116	8659.20	刘晓梅	51203819******4021	14290.85	杨光辉	51302119******0613	36510.40	黄志华	51320219******1210	9472.35
周明	51010419******0818	21037.90	吴小红	51020119******2224	6821.45	徐文军	51072119******7615	19843.10	孙志刚	51092219******4419	24603.70	马丽	51162119******1522	11286.55	朱建国	51212219******3017	30759.25	胡军	51312119******5210	7952.80	郭玉兰	51332419******0021	15390.65
何勇	51010619******3311	13460.20	林秀英	51030219******4128	29715.35	高建平	51082119******2019	8346.90	罗志明	51102319******6613	17592.45	郑华	51172219******0816	22841.10	梁小燕	51222419******2222	9604.30	谢德明	51322219******4411	12873.95	宋平	51342619******3813	26418.70
韩雪梅	51010719******1626	18295.40	唐国华	51040219******5517	10568.25	冯刚	51090219******0717	33127.60	于桂芳	51112419******1922	6794.15	董建军	51182319******2518	14025.80	萧明华	51232219******5414	20388.55	程志强	51332119******1614	27961.30	曹秀珍	51352219******4629	11548.90
张文斌	51010219******2013	17508.50	李建华	51019119******0232	16542.75	王长明	51062219******5017	28061.30	赵德平	51088119******3516	13974.60	陈国强	51152919******2116	8659.20	刘晓梅	51203819******4021	14290.85	杨光辉	51302119******0613	36510.40	黄志华	51320219******1210	9472.35
周明	51010419******0818	21037.90	吴小红	51020119******2224	6821.45	徐文军	51072119******7615	19843.10	孙志刚	51092219******4419	24603.70	马丽	51162119******1522	11286.55	朱建国	51212219******3017	30759.25	胡军	51312119******5210	7952.80	郭玉兰	51332419******0021	15390.65
何勇	51010619******3311	13460.20	林秀英	51030219******4128	29715.35	高建平	51082119******2019	8346.90	罗志明	51102319******6613	17592.45	郑华	51172219******0816	22841.10	梁小燕	51222419******2222	9604.30	谢德明	51322219******4411	12873.95	宋平	51342619******3813	26418.70
韩雪梅	51010719******1626	18295.40	唐国华	51040219******5517	10568.25	冯刚	51090219******0717	33127.60	于桂芳	51112419******1922	6794.15	董建军	51182319******2518	14025.80	萧明华	51232219******5414	20388.55	程志强	51332119******1614	27961.30	曹秀珍	51352219******4629	11548.90
张文斌	51010219******2013	17508.50	李建华	51019119******0232	16542.75	王长明	51062219******5017	28061.30	赵德平	51088119******3516	13974.60	陈国强	51152919******2116	8659.20	刘晓梅	51203819******4021	14290.85	杨光辉	51302119******0613	36510.40	黄志华	51320219******1210	9472.35
周明	51010419******0818	21037.90	吴小红	51020119******2224	6821.45	徐文军	51072119******7615	19843.10	孙志刚	51092219******4419	24603.70	马丽	51162119******1522	11286.55	朱建国	51212219******3017	30759.25	胡军	51312119******5210	7952.80	郭玉兰	51332419******0021	15390.65
何勇	51010619******3311	13460.20	林秀英	51030219******4128	29715.35	高建平	51082119******2019	8346.90	罗志明	51102319******6613	17592.45	郑华	51172219******0816	22841.10	梁小燕	51222419******2222	9604.30	谢德明	51322219******4411	12873.95	宋平	51342619******3813	26418.70
韩雪梅	51010719******1626	18295.40	唐国华	51040219******5517	10568.25	冯刚	51090219******0717	33127.60	于桂芳	51112419******1922	6794.15	董建军	51182319******2518	14025.80	萧明华	51232219******5414	20388.55	程志强	51332119******1614	27961.30	曹秀珍	51352219******4629	11548.90
张文斌	51010219******2013	17508.50	李建华	51019119******0232	16542.75	王长明	51062219******5017	28061.30	赵德平	51088119******3516	13974.60	陈国强	51152919******2116	8659.20	刘晓梅	51203819******4021	14290.85	杨光辉	51302119******0613	36510.40	黄志华	51320219******1210	9472.35
周明	51010419******0818	21037.90	吴小红	51020119******2224	6821.45	徐文军	51072119******7615	19843.10	孙志刚	51092219******4419	24603.70	马丽	51162119******1522	11286.55	朱建国	51212219******3017	30759.25	胡军	51312119******5210	7952.80	郭玉兰	51332419******0021	15390.65
何勇	51010619******3311	13460.20	林秀英	51030219******4128	29715.35	高建平	51082119******2019	8346.90	罗志明	51102319******6613	17592.45	郑华	51172219******0816	22841.10	梁小燕	51222419******2222	9604.30	谢德明	51322219******4411	12873.95	宋平	51342619******3813	26418.70
韩雪梅	51010719******1626	18295.40	唐国华	51040219******5517	10568.25	冯刚	51090219******0717	33127.60	于桂芳	51112419******1922	6794.15	董建军	51182319******2518	14025.80	萧明华	51232219******5414	20388.55	程志强	51332119******1614	27961.30	曹秀珍	51352219******4629	11548.90
张文斌	51010219******2013	17508.50	李建华	51019119******0232	16542.75	王长明	51062219******5017	28061.30	赵德平	51088119******3516	13974.60	陈国强	51152919******2116	8659.20	刘晓梅	51203819******4021	14290.85	杨光辉	51302119******0613	36510.40	黄志华	51320219******1210	9472.35
周明	51010419******0818	21037.90	吴小红	51020119******2224	6821.45	徐文军	51072119******7615	19843.10	孙志刚	51092219******4419	24603.70	马丽	51162119******1522	11286.55	朱建国	51212219******3017	30759.25	胡军	51312119******5210	7952.80	郭玉兰	51332419******0021	15390.65
何勇	51010619******3311	13460.20	林秀英	51030219******4128	29715.35	高建平	51082119******2019	8346.90	罗志明	51102319******6613	17592.45	郑华	51172219******0816	22841.10	梁小燕	51222419******2222	9604.30	谢德明	51322219******4411	12873.95	宋平	51342619******3813	26418.70
韩雪梅	51010719******1626	18295.40	唐国华	51040219******5517	10568.25	冯刚	51090219******0717	33127.60	于桂芳	51112419******1922	6794.15	董建军	51182319******2518	14025.80	萧明华	51232219******5414	20388.55	程志强	51332119******1614	27961.30	曹秀珍	51352219******4629	11548.90
张文斌	51010219******2013	17508.50	李建华	51019119******0232	16542.75	王长明	51062219******5017	28061.30	赵德平	51088119******3516	13974.60	陈国强	51152919******2116	8659.20	刘晓梅	51203819******4021	14290.85	杨光辉	51302119******0613	36510.40	黄志华	51320219******1210	9472.35
周明	51010419******0818	21037.90	吴小红	51020119******2224	6821.45	徐文军	51072119******7615	19843.10	孙志刚	51092219******4419	24603.70	马丽	51162119******1522	11286.55	朱建国	51212219******3017	30759.25	胡军	51312119******5210	7952.80	郭玉兰	51332419******0021	15390.65
何勇	51010619******3311	13460.20	林秀英	51030219******4128	29715.35	高建平	51082119******2019	8346.90	罗志明	51102319******6613	17592.45	郑华	51172219******0816	22841.10	梁小燕	51222419******2222	9604.30	谢德明	51322219******4411	12873.95	宋平	51342619******3813	26418.70
韩雪梅	51010719******1626	18295.40	唐国华	51040219******5517	10568.25	冯刚	51090219******0717	33127.60	于桂芳	51112419******1922	6794.15	董建军	51182319******2518	14025.80	萧明华	51232219******5414	20388.55	程志强	51332119******1614	27961.30	曹秀珍	51352219******4629	11548.90
张文斌	51010219******2013	17508.50	李建华	51019119******0232	16542.75	王长明	51062219******5017	28061.30	赵德平	51088119******3516	13974.60	陈国强	51152919******2116	8659.20	刘晓梅	51203819******4021	14290.85	杨光辉	51302119******0613	36510.40	黄志华	51320219******1210	9472.35
周明	51010419******0818	21037.90	吴小红	51020119******2224	6821.45	徐文军	51072119******7615	19843.10	孙志刚	51092219******4419	24603.70	马丽	51162119******1522	11286.55	朱建国	51212219******3017	30759.25	胡军	51312119******5210	7952.80	郭玉兰	51332419******0021	15390.65
何勇	51010619******3311	13460.20	林秀英	51030219******4128	29715.35	高建平	51082119******2019	8346.90	罗志明	51102319******6613	17592.45	郑华	51172219******0816	22841.10	梁小燕	51222419******2222	9604.30	谢德明	51322219******4411	12873.95	宋平	51342619******3813	26418.70
韩雪梅	51010719******1626	18295.40	唐国华	51040219******5517	10568.25	冯刚	51090219******0717	33127.60	于桂芳	51112419******1922	6794.15	董建军	51182319******2518	14025.80	萧明华	51232219******5414	20388.55	程志强	51332119******1614	27961.30	曹秀珍	51352219******4629	11548.90
张文斌	51010219******2013	17508.50	李建华	51019119******0232	16542.75	王长明	51062219******5017	28061.30	赵德平	51088119******3516	13974.60	陈国强	51152919******2116	8659.20	刘晓梅	51203819******4021	14290.85	杨光辉	51302119******0613	36510.40	黄志华	51320219******1210	9472.35
周明	51010419******0818	21037.90	吴小红	51020119******2224	6821.45	徐文军	51072119******7615	19843.10	孙志刚	51092219******4419	24603.70	马丽	51162119******1522	11286.55	朱建国	51212219******3017	30759.25	胡军	51312119******5210	7952.80	郭玉兰	51332419******0021	15390.65
何勇	51010619******3311	13460.20	林秀英	51030219******4128	29715.35	高建平	51082119******2019	8346.90	罗志明	51102319******6613	17592.45	郑华	51172219******0816	22841.10	梁小燕	51222419******2222	9604.30	谢德明	51322219******4411	12873.95	宋平	51342619******3813	26418.70
韩雪梅	51010719******1626	18295.40	唐国华	51040219******5517	10568.25	冯刚	51090219******0717	33127.60	于桂芳	51112419******1922	6794.15	董建军	51182319******2518	14025.80	萧明华	51232219******5414	20388.55	程志强	51332119******1614	27961.30	曹秀珍	51352219******4629	11548.90
张文斌	51010219******2013	17508.50	李建华	51019119******0232	16542.75	王长明	51062219******5017	28061.30	赵德平	51088119******3516	13974.60	陈国强	51152919******2116	8659.20	刘晓梅	51203819******4021	14290.85	杨光辉	51302119******0613	36510.40	黄志华	51320219******1210	9472.35
周明	51010419******0818	21037.90	吴小红	51020119******2224	6821.45	徐文军	51072119******7615	19843.10	孙志刚	51092219******4419	24603.70	马丽	51162119******1522	11286.55	朱建国	51212219******3017	30759.25	胡军	51312119******5210	7952.80	郭玉兰	51332419******0021	15390.65
何勇	51010619******3311	13460.20	林秀英	51030219******4128	29715.35	高建平	51082119******2019	8346.90	罗志明	51102319******6613	17592.45	郑华	51172219******0816	22841.10	梁小燕	51222419******2222	9604.30	谢德明	51322219******4411	12873.95	宋平	51342619******3813	26418.70
韩雪梅	51010719******1626	18295.40	唐国华	51040219******5517	10568.25	冯刚	51090219******0717	33127.60	于桂芳	51112419******1922	6794.15	董建军	51182319******2518	14025.80	萧明华	51232219******5414	20388.55	程志强	51332119******1614	27961.30	曹秀珍	51352219******4629	11548.90
张文斌	51010219******2013	17508.50	李建华	51019119******0232	16542.75	王长明	51062219******5017	28061.30	赵德平	51088119******3516	13974.60	陈国强	51152919******2116	8659.20	刘晓梅	51203819******4021	14290.85	杨光辉	51302119******0613	36510.40	黄志华	51320219******1210	9472.35
周明	51010419******0818	21037.90	吴小红	51020119******2224	6821.45	徐文军	51072119******7615	19843.10	孙志刚	51092219******4419	24603.70	马丽	51162119******1522	11286.55	朱建国	51212219******3017	30759.25	胡军	51312119******5210	7952.80	郭玉兰	51332419******0021	15390.65
何勇	51010619******3311	13460.20	林秀英	51030219******4128	29715.35	高建平	51082119******2019	8346.90	罗志明	51102319******6613	17592.45	郑华	51172219******0816	22841.10	梁小燕	51222419******2222	9604.30	谢德明	51322219******4411	12873.95	宋平	51342619******3813	26418.70
韩雪梅	51010719******1626	18295.40	唐国华	51040219******5517	10568.25	冯刚	51090219******0717	33127.60	于桂芳	51112419******1922	6794.15	董建军	51182319******2518	14025.80	萧明华	51232219******5414	20388.55	程志强	51332119******1614	27961.30	曹秀珍	51352219******4629	11548.90
张文斌	51010219******2013	17508.50	李建华	51019119******0232	16542.75	王长明	51062219******5017	28061.30	赵德平	51088119******3516	13974.60	陈国强	51152919******2116	8659.20	刘晓梅	51203819******4021	14290.85	杨光辉	51302119******0613	36510.40	黄志华	51320219******1210	9472.35
周明	51010419******0818	21037.90	吴小红	51020119******2224	6821.45	徐文军	51072119******7615	19843.10	孙志刚	51092219******4419	24603.70	马丽	51162119******1522	11286.55	朱建国	51212219******3017	30759.25	胡军	51312119******5210	7952.80	郭玉兰	51332419******0021	15390.65
何勇	51010619******3311	13460.20	林秀英	51030219******4128	29715.35	高建平	51082119******2019	8346.90	罗志明	51102319******6613	17592.45	郑华	51172219******0816	22841.10	梁小燕	51222419******2222	9604.30	谢德明	51322219******4411	12873.95	宋平	51342619******3813	26418.70
韩雪梅	51010719******1626	18295.40	唐国华	51040219******5517	10568.25	冯刚	51090219******0717	33127.60	于桂芳	51112419******1922	6794.15	董建军	51182319******2518	14025.80	萧明华	51232219******5414	20388.55	程志强	51332119******1614	27961.30	曹秀珍	51352219******4629	11548.90
